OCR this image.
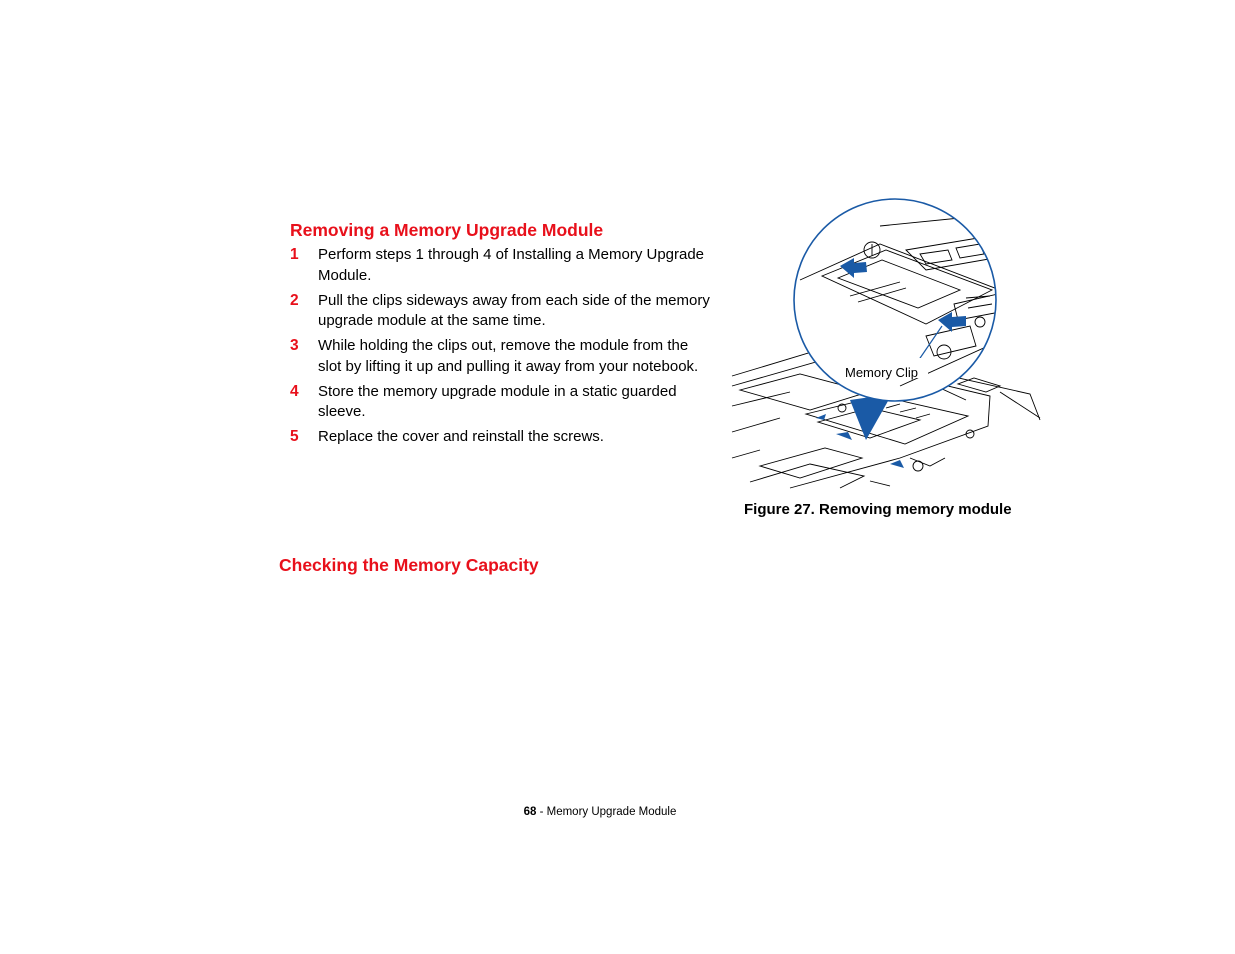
Removing a Memory Upgrade Module
1 Perform steps 1 through 4 of Installing a Memory Upgrade Module.
2 Pull the clips sideways away from each side of the memory upgrade module at the same time.
3 While holding the clips out, remove the module from the slot by lifting it up and pulling it away from your notebook.
4 Store the memory upgrade module in a static guarded sleeve.
5 Replace the cover and reinstall the screws.
Memory Clip
Figure 27. Removing memory module
Checking the Memory Capacity
68 - Memory Upgrade Module
